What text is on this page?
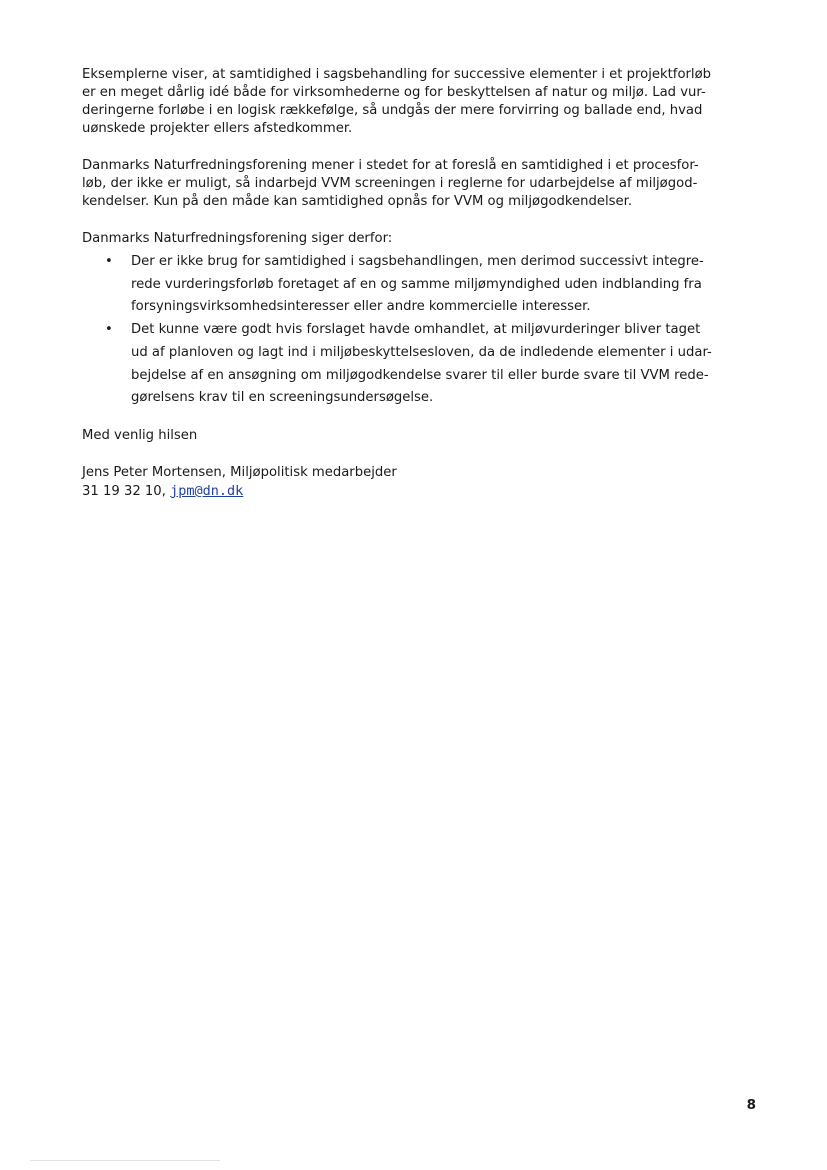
Eksemplerne viser, at samtidighed i sagsbehandling for successive elementer i et projektforløb
er en meget dårlig idé både for virksomhederne og for beskyttelsen af natur og miljø. Lad vur-
deringerne forløbe i en logisk rækkefølge, så undgås der mere forvirring og ballade end, hvad
uønskede projekter ellers afstedkommer.

Danmarks Naturfredningsforening mener i stedet for at foreslå en samtidighed i et procesfor-
løb, der ikke er muligt, så indarbejd VVM screeningen i reglerne for udarbejdelse af miljøgod-
kendelser. Kun på den måde kan samtidighed opnås for VVM og miljøgodkendelser.

Danmarks Naturfredningsforening siger derfor:

• Der er ikke brug for samtidighed i sagsbehandlingen, men derimod successivt integre-
rede vurderingsforløb foretaget af en og samme miljømyndighed uden indblanding fra
forsyningsvirksomhedsinteresser eller andre kommercielle interesser.
• Det kunne være godt hvis forslaget havde omhandlet, at miljøvurderinger bliver taget
ud af planloven og lagt ind i miljøbeskyttelsesloven, da de indledende elementer i udar-
bejdelse af en ansøgning om miljøgodkendelse svarer til eller burde svare til VVM rede-
gørelsens krav til en screeningsundersøgelse.

Med venlig hilsen

Jens Peter Mortensen, Miljøpolitisk medarbejder
31 19 32 10, jpm@dn.dk

8
